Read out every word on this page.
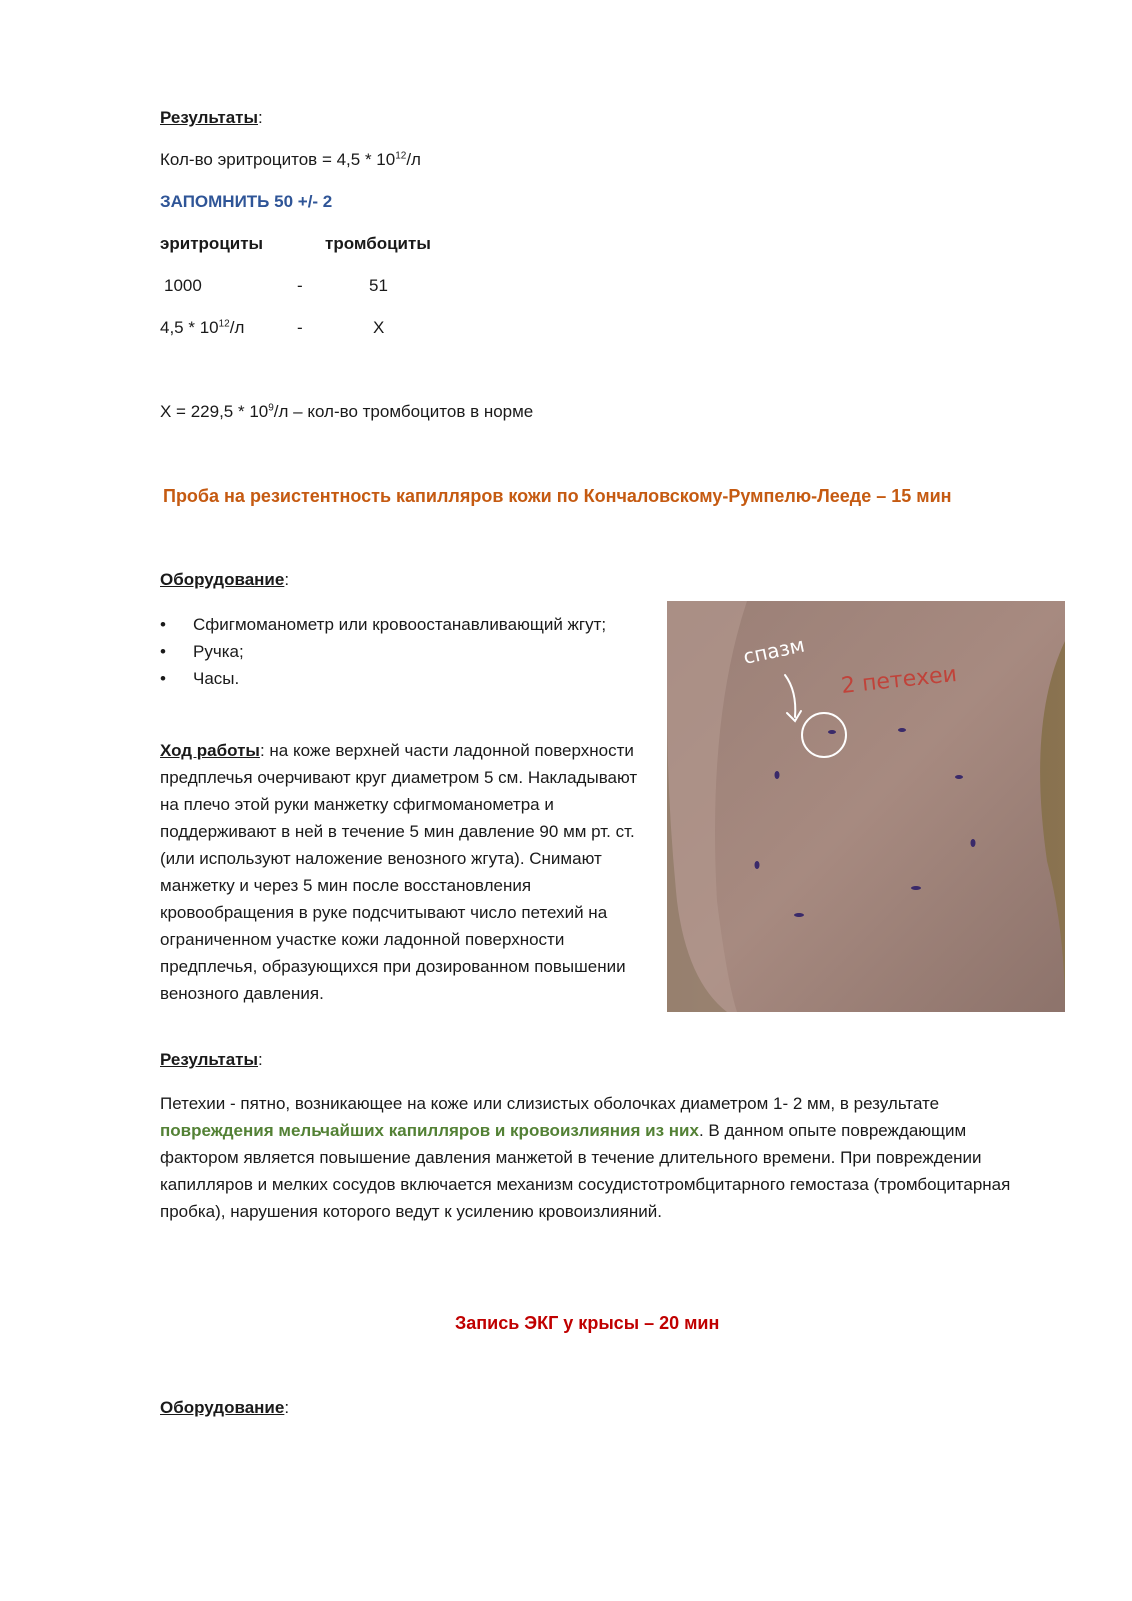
Результаты:
Кол-во эритроцитов = $4,5 * 10^{12}/л$
ЗАПОМНИТЬ 50 +/- 2
эритроциты	тромбоциты
1000	-	51
$4,5 * 10^{12}/л$	-	Х
$Х = 229,5 * 10^9/л - кол-во$ тромбоцитов в норме
Проба на резистентность капилляров кожи по Кончаловскому-Румпелю-Лееде – 15 мин
Оборудование:
• Сфигмоманометр или кровоостанавливающий жгут;
• Ручка;
• Часы.
Ход работы: на коже верхней части ладонной поверхности предплечья очерчивают круг диаметром 5 см. Накладывают на плечо этой руки манжетку сфигмоманометра и поддерживают в ней в течение 5 мин давление 90 мм рт. ст. (или используют наложение венозного жгута). Снимают манжетку и через 5 мин после восстановления кровообращения в руке подсчитывают число петехий на ограниченном участке кожи ладонной поверхности предплечья, образующихся при дозированном повышении венозного давления.
спазм
2 петехеи
Результаты:
Петехии - пятно, возникающее на коже или слизистых оболочках диаметром 1- 2 мм, в результате повреждения мельчайших капилляров и кровоизлияния из них. В данном опыте повреждающим фактором является повышение давления манжетой в течение длительного времени. При повреждении капилляров и мелких сосудов включается механизм сосудистотромбцитарного гемостаза (тромбоцитарная пробка), нарушения которого ведут к усилению кровоизлияний.
Запись ЭКГ у крысы – 20 мин
Оборудование:
